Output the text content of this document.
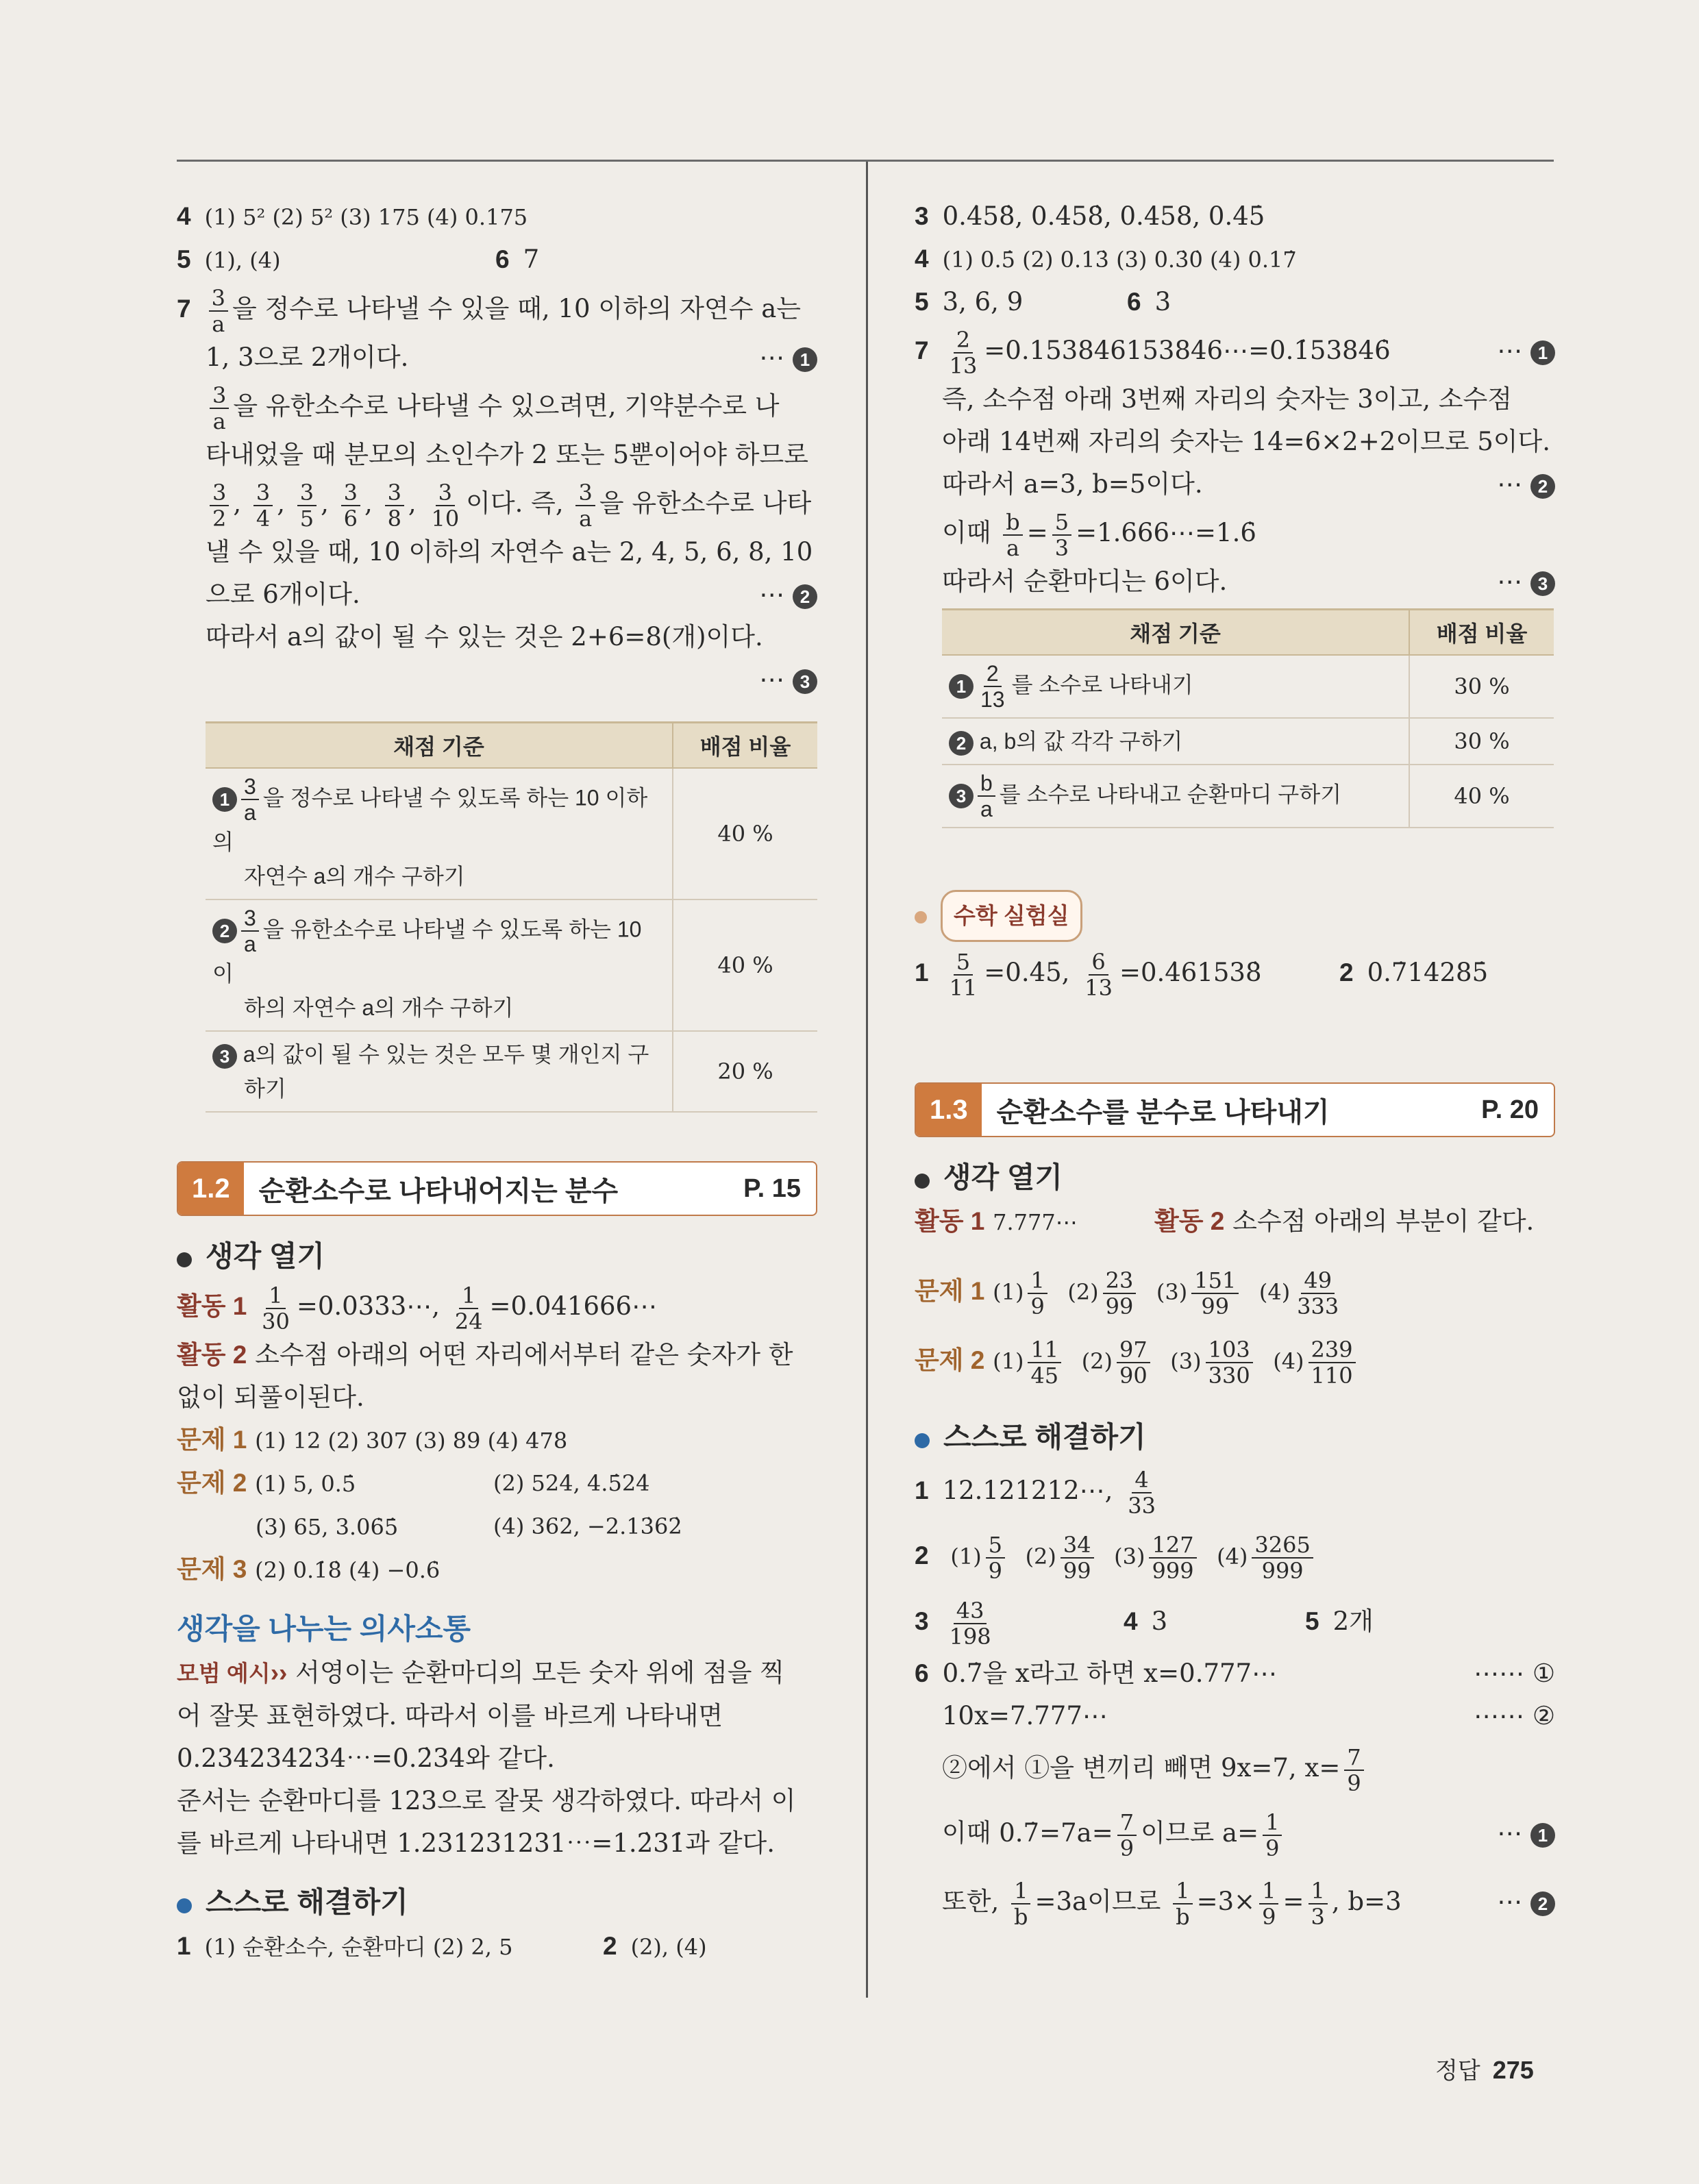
4 (1) 5² (2) 5² (3) 175 (4) 0.175
5 (1), (4)	6 7
$7 \frac{3}{a}$ 을 정수로 나타낼 수 있을 때, 10 이하의 자연수 a는
1, 3으로 2개이다.	⋯ 1
$\frac{3}{a}$ 을 유한소수로 나타낼 수 있으려면, 기약분수로 나
타내었을 때 분모의 소인수가 2 또는 5뿐이어야 하므로
$\frac{3}{2}$ , $\frac{3}{4}$ , $\frac{3}{5}$ , $\frac{3}{6}$ , $\frac{3}{8}$ , $\frac{3}{10}$ 이다. 즉, $\frac{3}{a}$ 을 유한소수로 나타
낼 수 있을 때, 10 이하의 자연수 a는 2, 4, 5, 6, 8, 10
으로 6개이다.	⋯ 2
따라서 a의 값이 될 수 있는 것은 2+6=8(개)이다.
⋯ 3

채점 기준	배점 비율
$1 \frac{3}{a}$ 을 정수로 나타낼 수 있도록 하는 10 이하의
자연수 a의 개수 구하기	40 %
$2 \frac{3}{a}$ 을 유한소수로 나타낼 수 있도록 하는 10 이
하의 자연수 a의 개수 구하기	40 %
3 a의 값이 될 수 있는 것은 모두 몇 개인지 구
하기	20 %
1.2	순환소수로 나타내어지는 분수	P. 15
생각 열기
활동 $1 \frac{1}{30}$ =0.0333⋯, $\frac{1}{24}$ =0.041666⋯
활동 2 소수점 아래의 어떤 자리에서부터 같은 숫자가 한
없이 되풀이된다.
문제 1 (1) 12 (2) 307 (3) 89 (4) 478
문제 2 (1) 5, 0.5̇	(2) 524, 4.5̇24̇
(3) 65, 3.06̇5̇	(4) 362, −2.13̇62̇
문제 3 (2) 0.1̇8̇ (4) −0.6̇
생각을 나누는 의사소통
모범 예시›› 서영이는 순환마디의 모든 숫자 위에 점을 찍
어 잘못 표현하였다. 따라서 이를 바르게 나타내면
0.234234234⋯=0.2̇34̇와 같다.
준서는 순환마디를 123으로 잘못 생각하였다. 따라서 이
를 바르게 나타내면 1.231231231⋯=1.2̇31̇과 같다.
스스로 해결하기
1 (1) 순환소수, 순환마디 (2) 2, 5	2 (2), (4)
3 0.4̇58̇, 0.4̇58̇, 0.458, 0.45̇
4 (1) 0.5̇ (2) 0.13̇ (3) 0.3̇0̇ (4) 0.17̇
5 3, 6, 9	6 3
$7 \frac{2}{13}$ =0.153846153846⋯=0.1̇53846̇	⋯ 1
즉, 소수점 아래 3번째 자리의 숫자는 3이고, 소수점
아래 14번째 자리의 숫자는 14=6×2+2이므로 5이다.
따라서 a=3, b=5이다.	⋯ 2
이때 $\frac{b}{a} = \frac{5}{3}$ =1.666⋯=1.6̇
따라서 순환마디는 6이다.	⋯ 3
채점 기준	배점 비율
$1 \frac{2}{13}$ 를 소수로 나타내기	30 %
2 a, b의 값 각각 구하기	30 %
$3 \frac{b}{a}$ 를 소수로 나타내고 순환마디 구하기	40 %
수학 실험실
$1 \frac{5}{11}$ =0.4̇5̇, $\frac{6}{13}$ =0.4̇61538̇	2 0.7̇14285̇
1.3	순환소수를 분수로 나타내기	P. 20
생각 열기
활동 1 7.777⋯	활동 2 소수점 아래의 부분이 같다.
문제 1 $(1) \frac{1}{9} (2) \frac{23}{99} (3) \frac{151}{99} (4) \frac{49}{333}$
문제 2 $(1) \frac{11}{45} (2) \frac{97}{90} (3) \frac{103}{330} (4) \frac{239}{110}$
스스로 해결하기
1 12.121212⋯, $\frac{4}{33}$
2 $(1) \frac{5}{9} (2) \frac{34}{99} (3) \frac{127}{999} (4) \frac{3265}{999}$
$3 \frac{43}{198}$	4 3	5 2개
6 0.7̇을 x라고 하면 x=0.777⋯	⋯⋯ ①
10x=7.777⋯	⋯⋯ ②
②에서 ①을 변끼리 빼면 9x=7, $x= \frac{7}{9}$
이때 0.7̇=7a= $\frac{7}{9}$ 이므로 $a= \frac{1}{9}$	⋯ 1
또한, $\frac{1}{b} =3a$이므로 $\frac{1}{b} =3\times \frac{1}{9} = \frac{1}{3}$ , b=3	⋯ 2
정답 275
